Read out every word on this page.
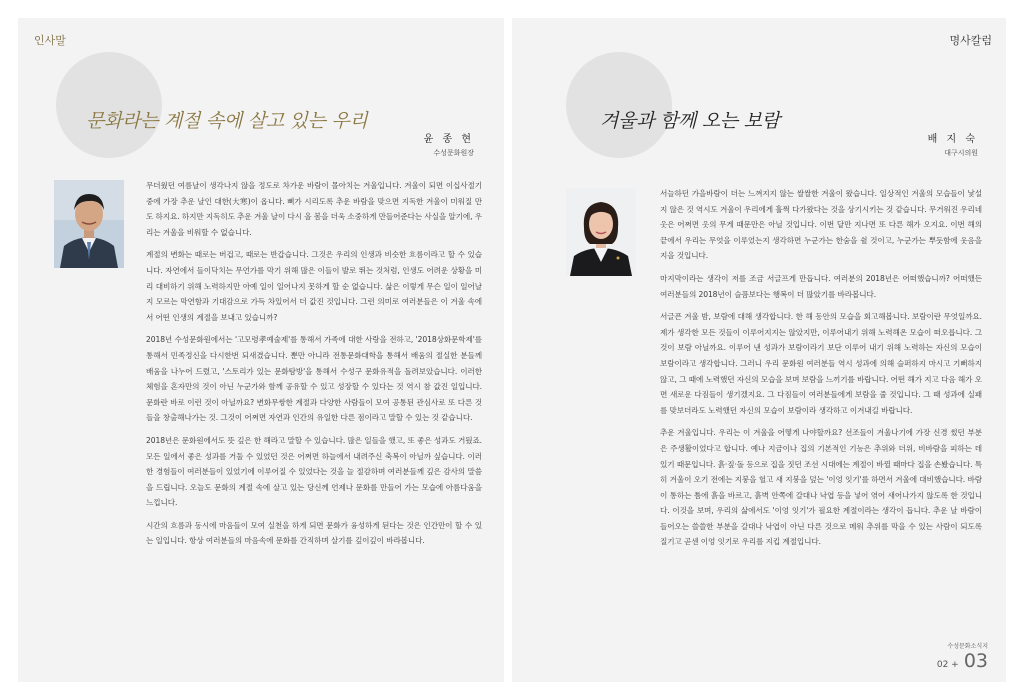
인사말
문화라는 계절 속에 살고 있는 우리
윤 종 현
수성문화원장

무더웠던 여름날이 생각나지 않을 정도로 차가운 바람이 몰아치는 겨울입니다. 겨울이 되면 이십사절기 중에 가장 추운 날인 대한(大寒)이 옵니다. 뼈가 시리도록 추운 바람을 맞으면 지독한 겨울이 미워질 만도 하지요. 하지만 지독히도 추운 겨울 날이 다시 올 봄을 더욱 소중하게 만들어준다는 사실을 알기에, 우리는 겨울을 비워할 수 없습니다.

계절의 변화는 때로는 버겁고, 때로는 반갑습니다. 그것은 우리의 인생과 비슷한 흐름이라고 할 수 있습니다. 자연에서 들이닥치는 무언가를 막기 위해 많은 이들이 발로 뛰는 것처럼, 인생도 어려운 상황을 미리 대비하기 위해 노력하지만 아예 일이 일어나지 못하게 할 순 없습니다. 삶은 이렇게 무슨 일이 일어날지 모르는 막연함과 기대감으로 가득 차있어서 더 값진 것입니다. 그런 의미로 여러분들은 이 겨울 속에서 어떤 인생의 계절을 보내고 있습니까?

2018년 수성문화원에서는 '고모령孝예술제'를 통해서 가족에 대한 사랑을 전하고, '2018상화문학제'를 통해서 민족정신을 다시한번 되새겼습니다. 뿐만 아니라 전통문화대학을 통해서 배움의 절실한 분들께 배움을 나누어 드렸고, '스토리가 있는 문화탐방'을 통해서 수성구 문화유적을 돌려보았습니다. 이러한 체험을 혼자만의 것이 아닌 누군가와 함께 공유할 수 있고 성장할 수 있다는 것 역시 참 값진 일입니다. 문화란 바로 이런 것이 아닐까요? 변화무쌍한 계절과 다양한 사람들이 모여 공통된 관심사로 또 다른 것들을 창출해나가는 것. 그것이 어쩌면 자연과 인간의 유일한 다른 점이라고 말할 수 있는 것 같습니다.

2018년은 문화원에서도 뜻 깊은 한 해라고 말할 수 있습니다. 많은 일들을 했고, 또 좋은 성과도 거뒀죠. 모든 일에서 좋은 성과를 거둘 수 있었던 것은 어쩌면 하늘에서 내려주신 축복이 아닐까 싶습니다. 이러한 경험들이 여러분들이 있었기에 이루어질 수 있었다는 것을 늘 절감하며 여러분들께 깊은 감사의 말씀을 드립니다. 오늘도 문화의 계절 속에 살고 있는 당신께 언제나 문화를 만들어 가는 모습에 아름다움을 느낍니다.

시간의 흐름과 동시에 마음들이 모여 실천을 하게 되면 문화가 융성하게 된다는 것은 인간만이 할 수 있는 일입니다. 항상 여러분들의 마음속에 문화를 간직하며 살기를 깊이깊이 바라봅니다.

명사칼럼
겨울과 함께 오는 보람
배 지 숙
대구시의원

서늘하던 가을바람이 더는 느껴지지 않는 쌀쌀한 겨울이 왔습니다. 일상적인 겨울의 모습들이 낯설지 않은 것 역시도 겨울이 우리에게 훌쩍 다가왔다는 것을 상기시키는 것 같습니다. 무거워진 우리네 옷은 어쩌면 옷의 무게 때문만은 아닐 것입니다. 이번 달만 지나면 또 다른 해가 오지요. 이번 해의 끝에서 우리는 무엇을 이루었는지 생각하면 누군가는 한숨을 쉴 것이고, 누군가는 뿌듯함에 웃음을 지을 것입니다.

마지막이라는 생각이 저를 조금 서글프게 만듭니다. 여러분의 2018년은 어떠했습니까? 어떠했든 여러분들의 2018년이 슬픔보다는 행복이 더 많았기를 바라봅니다.

서글픈 겨울 밤, 보람에 대해 생각합니다. 한 해 동안의 모습을 회고해봅니다. 보람이란 무엇일까요. 제가 생각한 모든 것들이 이루어지지는 않았지만, 이루어내기 위해 노력해온 모습이 떠오릅니다. 그것이 보람 아닐까요. 이루어 낸 성과가 보람이라기 보단 이루어 내기 위해 노력하는 자신의 모습이 보람이라고 생각합니다. 그러니 우리 문화원 여러분들 역시 성과에 의해 슬퍼하지 마시고 기뻐하지 않고, 그 때에 노력했던 자신의 모습을 보며 보람을 느끼기를 바랍니다. 어떤 해가 지고 다음 해가 오면 새로운 다짐들이 생기겠지요. 그 다짐들이 여러분들에게 보람을 줄 것입니다. 그 때 성과에 실패를 맞보더라도 노력했던 자신의 모습이 보람이라 생각하고 이겨내길 바랍니다.

추운 겨울입니다. 우리는 이 겨울을 어떻게 나야할까요? 선조들이 겨울나기에 가장 신경 썼던 부분은 주생활이었다고 합니다. 예나 지금이나 집의 기본적인 기능은 추위와 더위, 비바람을 피하는 데 있기 때문입니다. 흙·짚·돌 등으로 집을 짓던 조선 시대에는 계절이 바뀔 때마다 집을 손봤습니다. 특히 겨울이 오기 전에는 지붕을 헐고 새 지붕을 덮는 '이엉 잇기'를 하면서 겨울에 대비했습니다. 바람이 통하는 틈에 흙을 바르고, 흙벽 안쪽에 갈대나 낙엽 등을 넣어 엮어 새어나가지 않도록 한 것입니다. 이것을 보며, 우리의 삶에서도 '이엉 잇기'가 필요한 계절이라는 생각이 듭니다. 추운 날 바람이 들어오는 쓸쓸한 부분을 갈대나 낙엽이 아닌 다른 것으로 메워 추위를 막을 수 있는 사람이 되도록 질기고 곧센 이엉 잇기로 우리를 지킵 계절입니다.

수성문화소식지
02 + 03
